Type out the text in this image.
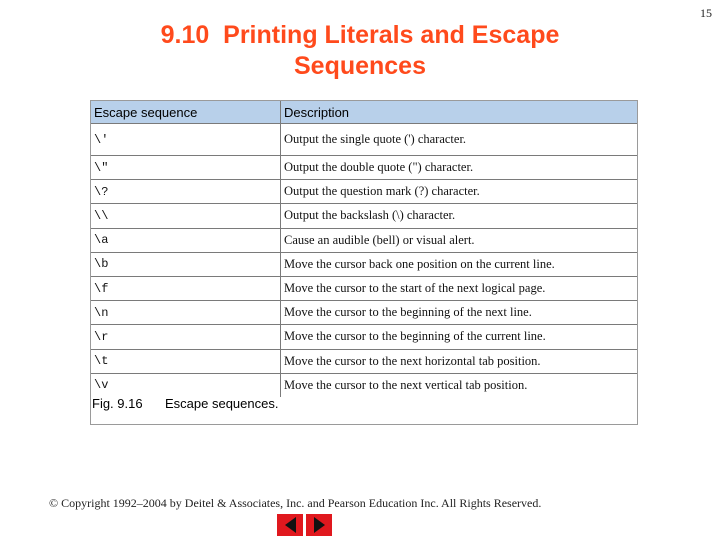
15
9.10  Printing Literals and Escape
Sequences
Escape sequence	Description
\'	Output the single quote (') character.
\"	Output the double quote (") character.
\?	Output the question mark (?) character.
\\	Output the backslash (\) character.
\a	Cause an audible (bell) or visual alert.
\b	Move the cursor back one position on the current line.
\f	Move the cursor to the start of the next logical page.
\n	Move the cursor to the beginning of the next line.
\r	Move the cursor to the beginning of the current line.
\t	Move the cursor to the next horizontal tab position.
\v	Move the cursor to the next vertical tab position.
Fig. 9.16 Escape sequences.
© Copyright 1992–2004 by Deitel & Associates, Inc. and Pearson Education Inc. All Rights Reserved.
